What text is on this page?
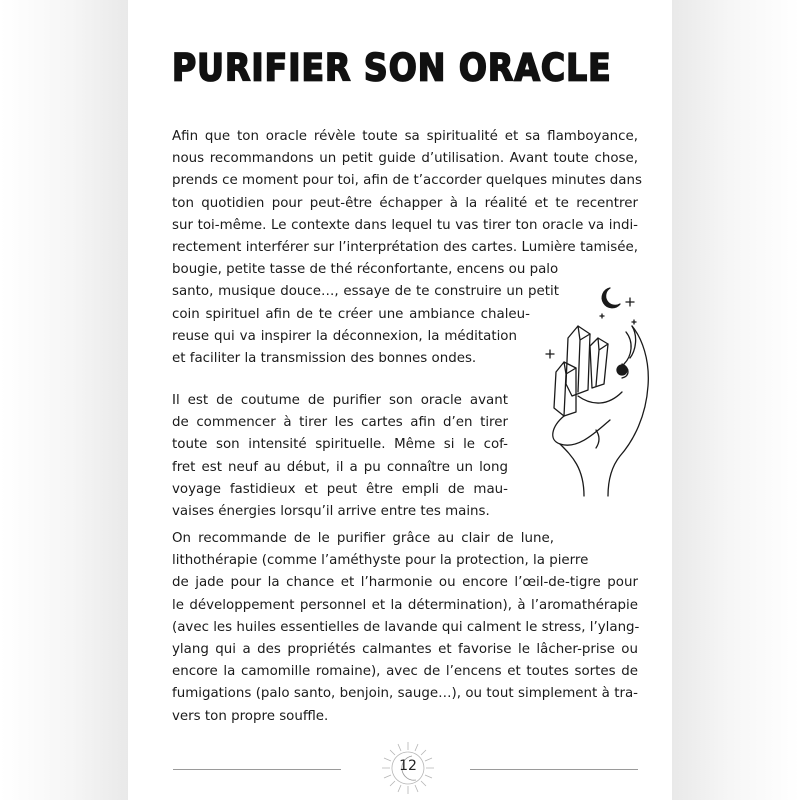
PURIFIER SON ORACLE
Afin que ton oracle révèle toute sa spiritualité et sa flamboyance,
nous recommandons un petit guide d’utilisation. Avant toute chose,
prends ce moment pour toi, afin de t’accorder quelques minutes dans
ton quotidien pour peut-être échapper à la réalité et te recentrer
sur toi-même. Le contexte dans lequel tu vas tirer ton oracle va indi-
rectement interférer sur l’interprétation des cartes. Lumière tamisée,
bougie, petite tasse de thé réconfortante, encens ou palo
santo, musique douce…, essaye de te construire un petit
coin spirituel afin de te créer une ambiance chaleu-
reuse qui va inspirer la déconnexion, la méditation
et faciliter la transmission des bonnes ondes.
Il est de coutume de purifier son oracle avant
de commencer à tirer les cartes afin d’en tirer
toute son intensité spirituelle. Même si le cof-
fret est neuf au début, il a pu connaître un long
voyage fastidieux et peut être empli de mau-
vaises énergies lorsqu’il arrive entre tes mains.
On recommande de le purifier grâce au clair de lune,
lithothérapie (comme l’améthyste pour la protection, la pierre
de jade pour la chance et l’harmonie ou encore l’œil-de-tigre pour
le développement personnel et la détermination), à l’aromathérapie
(avec les huiles essentielles de lavande qui calment le stress, l’ylang-
ylang qui a des propriétés calmantes et favorise le lâcher-prise ou
encore la camomille romaine), avec de l’encens et toutes sortes de
fumigations (palo santo, benjoin, sauge…), ou tout simplement à tra-
vers ton propre souffle.
12
